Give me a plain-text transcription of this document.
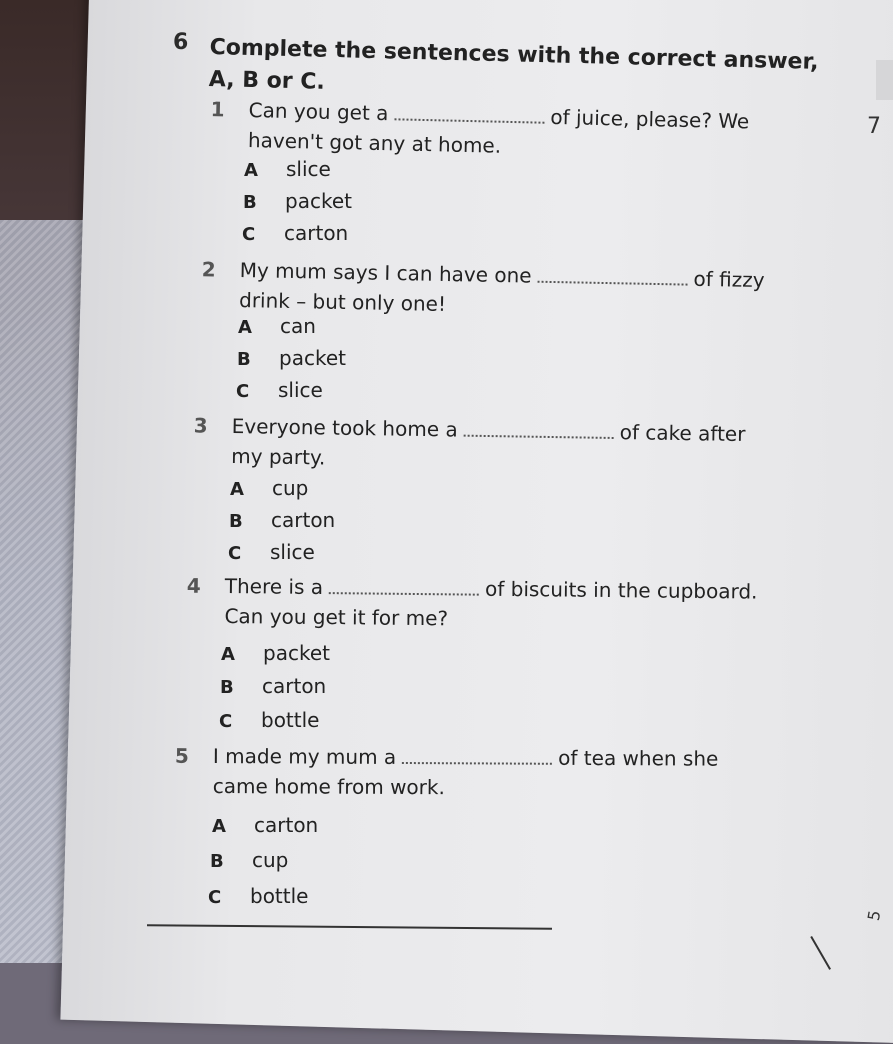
6 Complete the sentences with the correct answer, A, B or C.
1 Can you get a	of juice, please? We
haven't got any at home.
A slice
B packet
C carton
2 My mum says I can have one	of fizzy
drink – but only one!
A can
B packet
C slice
3 Everyone took home a	of cake after
my party.
A cup
B carton
C slice
4 There is a	of biscuits in the cupboard.
Can you get it for me?
A packet
B carton
C bottle
5 I made my mum a	of tea when she
came home from work.
A carton
B cup
C bottle
7
5
